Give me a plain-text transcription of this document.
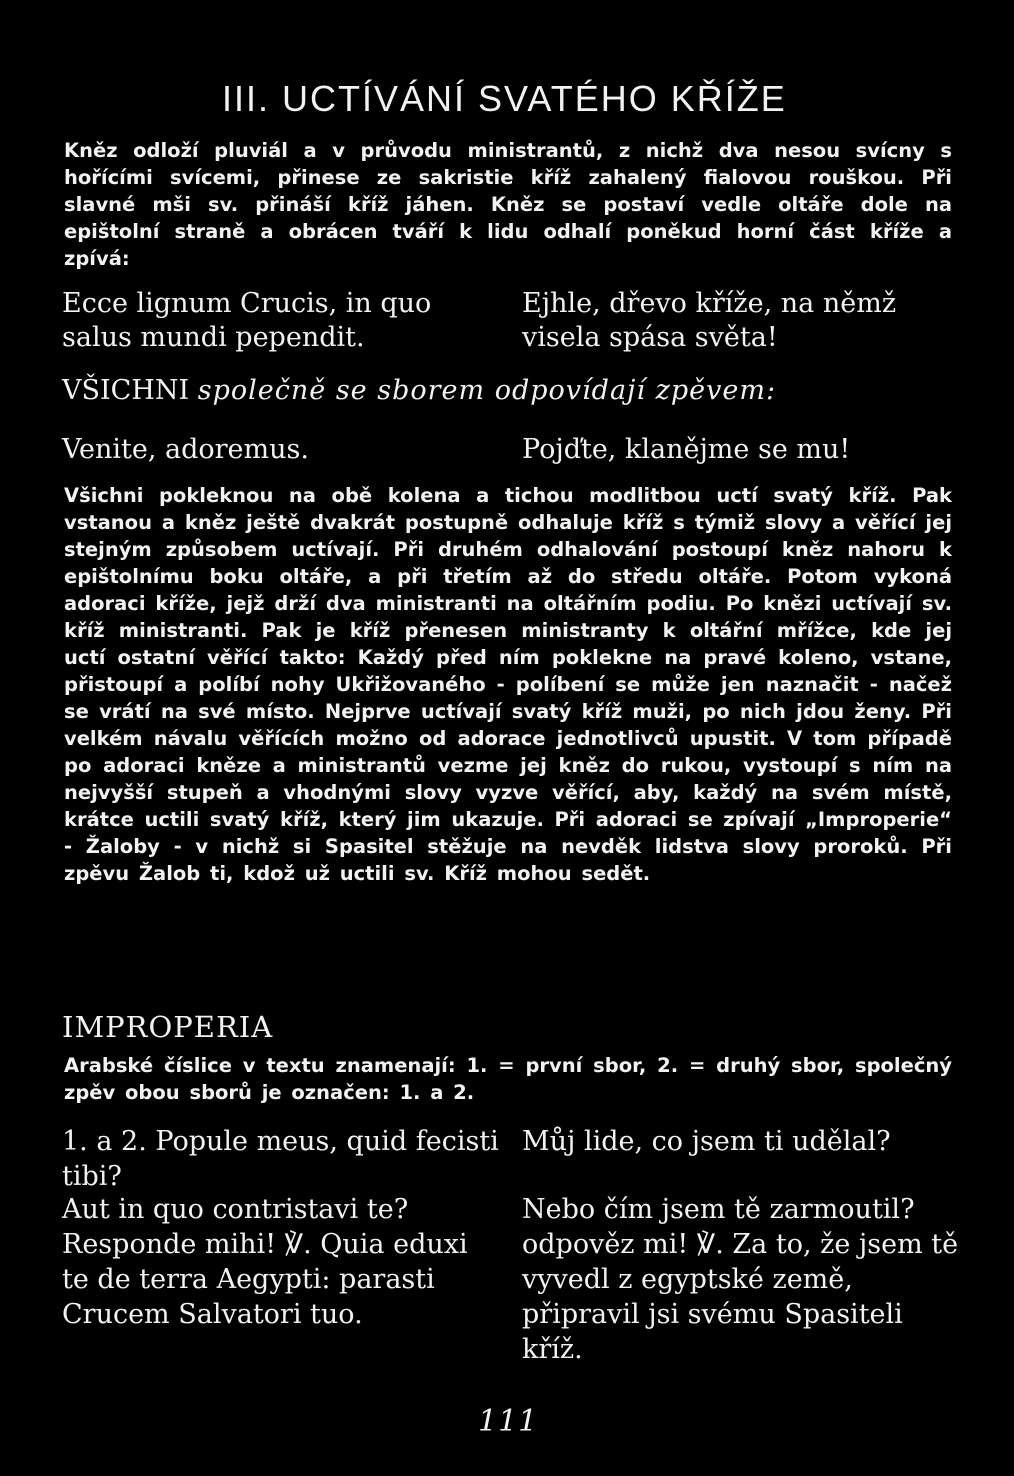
III. UCTÍVÁNÍ SVATÉHO KŘÍŽE
Kněz odloží pluviál a v průvodu ministrantů, z nichž dva nesou svícny s hořícími svícemi, přinese ze sakristie kříž zahalený fialovou rouškou. Při slavné mši sv. přináší kříž jáhen. Kněz se postaví vedle oltáře dole na epištolní straně a obrácen tváří k lidu odhalí poněkud horní část kříže a zpívá:
Ecce lignum Crucis, in quo salus mundi pependit.
Ejhle, dřevo kříže, na němž visela spása světa!
VŠICHNI společně se sborem odpovídají zpěvem:
Venite, adoremus.	Pojďte, klanějme se mu!
Všichni pokleknou na obě kolena a tichou modlitbou uctí svatý kříž. Pak vstanou a kněz ještě dvakrát postupně odhaluje kříž s týmiž slovy a věřící jej stejným způsobem uctívají. Při druhém odhalování postoupí kněz nahoru k epištolnímu boku oltáře, a při třetím až do středu oltáře. Potom vykoná adoraci kříže, jejž drží dva ministranti na oltářním podiu. Po knězi uctívají sv. kříž ministranti. Pak je kříž přenesen ministranty k oltářní mřížce, kde jej uctí ostatní věřící takto: Každý před ním poklekne na pravé koleno, vstane, přistoupí a políbí nohy Ukřižovaného - políbení se může jen naznačit - načež se vrátí na své místo. Nejprve uctívají svatý kříž muži, po nich jdou ženy. Při velkém návalu věřících možno od adorace jednotlivců upustit. V tom případě po adoraci kněze a ministrantů vezme jej kněz do rukou, vystoupí s ním na nejvyšší stupeň a vhodnými slovy vyzve věřící, aby, každý na svém místě, krátce uctili svatý kříž, který jim ukazuje. Při adoraci se zpívají „Improperie“ - Žaloby - v nichž si Spasitel stěžuje na nevděk lidstva slovy proroků. Při zpěvu Žalob ti, kdož už uctili sv. Kříž mohou sedět.
IMPROPERIA
Arabské číslice v textu znamenají: 1. = první sbor, 2. = druhý sbor, společný zpěv obou sborů je označen: 1. a 2.
1. a 2. Popule meus, quid fecisti tibi?
Můj lide, co jsem ti udělal?
Aut in quo contristavi te? Responde mihi! ℣. Quia eduxi te de terra Aegypti: parasti Crucem Salvatori tuo.
Nebo čím jsem tě zarmoutil? odpověz mi! ℣. Za to, že jsem tě vyvedl z egyptské země, připravil jsi svému Spasiteli kříž.
111
